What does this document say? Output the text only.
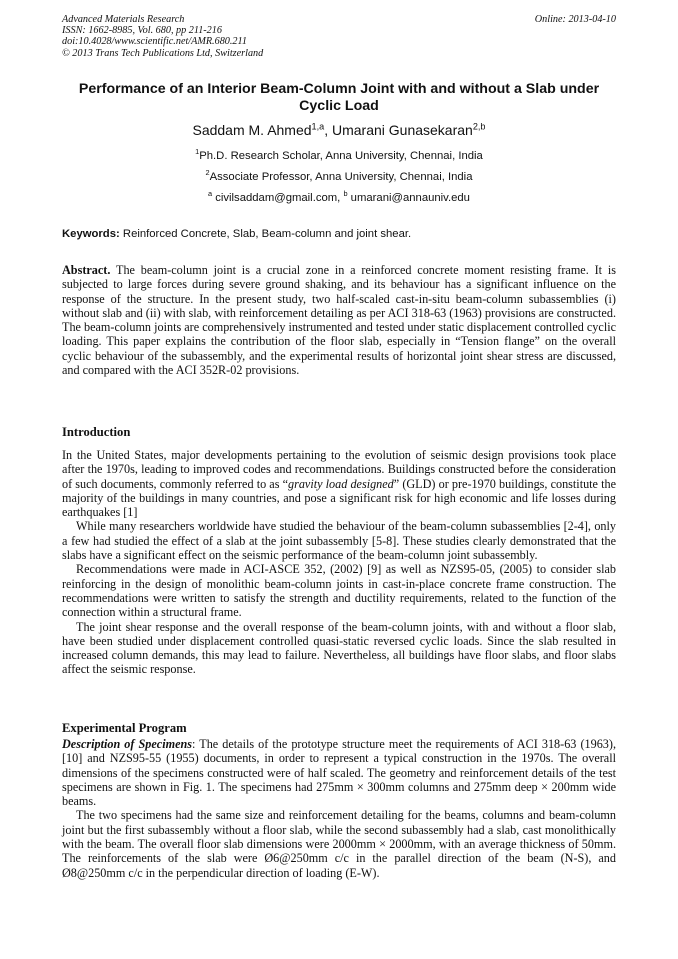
Advanced Materials Research
ISSN: 1662-8985, Vol. 680, pp 211-216
doi:10.4028/www.scientific.net/AMR.680.211
© 2013 Trans Tech Publications Ltd, Switzerland
Online: 2013-04-10
Performance of an Interior Beam-Column Joint with and without a Slab under Cyclic Load
Saddam M. Ahmed$^{1,a}$, Umarani Gunasekaran$^{2,b}$
$^1$Ph.D. Research Scholar, Anna University, Chennai, India
$^2$Associate Professor, Anna University, Chennai, India
$^a$ civilsaddam@gmail.com, $^b$ umarani@annauniv.edu
Keywords: Reinforced Concrete, Slab, Beam-column and joint shear.

Abstract. The beam-column joint is a crucial zone in a reinforced concrete moment resisting frame. It is subjected to large forces during severe ground shaking, and its behaviour has a significant influence on the response of the structure. In the present study, two half-scaled cast-in-situ beam-column subassemblies (i) without slab and (ii) with slab, with reinforcement detailing as per ACI 318-63 (1963) provisions are constructed. The beam-column joints are comprehensively instrumented and tested under static displacement controlled cyclic loading. This paper explains the contribution of the floor slab, especially in “Tension flange” on the overall cyclic behaviour of the subassembly, and the experimental results of horizontal joint shear stress are discussed, and compared with the ACI 352R-02 provisions.

Introduction

In the United States, major developments pertaining to the evolution of seismic design provisions took place after the 1970s, leading to improved codes and recommendations. Buildings constructed before the consideration of such documents, commonly referred to as “gravity load designed” (GLD) or pre-1970 buildings, constitute the majority of the buildings in many countries, and pose a significant risk for high economic and life losses during earthquakes [1]

While many researchers worldwide have studied the behaviour of the beam-column subassemblies [2-4], only a few had studied the effect of a slab at the joint subassembly [5-8]. These studies clearly demonstrated that the slabs have a significant effect on the seismic performance of the beam-column joint subassembly.

Recommendations were made in ACI-ASCE 352, (2002) [9] as well as NZS95-05, (2005) to consider slab reinforcing in the design of monolithic beam-column joints in cast-in-place concrete frame construction. The recommendations were written to satisfy the strength and ductility requirements, related to the function of the connection within a structural frame.

The joint shear response and the overall response of the beam-column joints, with and without a floor slab, have been studied under displacement controlled quasi-static reversed cyclic loads. Since the slab resulted in increased column demands, this may lead to failure. Nevertheless, all buildings have floor slabs, and floor slabs affect the seismic response.

Experimental Program

Description of Specimens: The details of the prototype structure meet the requirements of ACI 318-63 (1963), [10] and NZS95-55 (1955) documents, in order to represent a typical construction in the 1970s. The overall dimensions of the specimens constructed were of half scaled. The geometry and reinforcement details of the test specimens are shown in Fig. 1. The specimens had 275mm × 300mm columns and 275mm deep × 200mm wide beams.

The two specimens had the same size and reinforcement detailing for the beams, columns and beam-column joint but the first subassembly without a floor slab, while the second subassembly had a slab, cast monolithically with the beam. The overall floor slab dimensions were 2000mm × 2000mm, with an average thickness of 50mm. The reinforcements of the slab were Ø6@250mm c/c in the parallel direction of the beam (N-S), and Ø8@250mm c/c in the perpendicular direction of loading (E-W).
